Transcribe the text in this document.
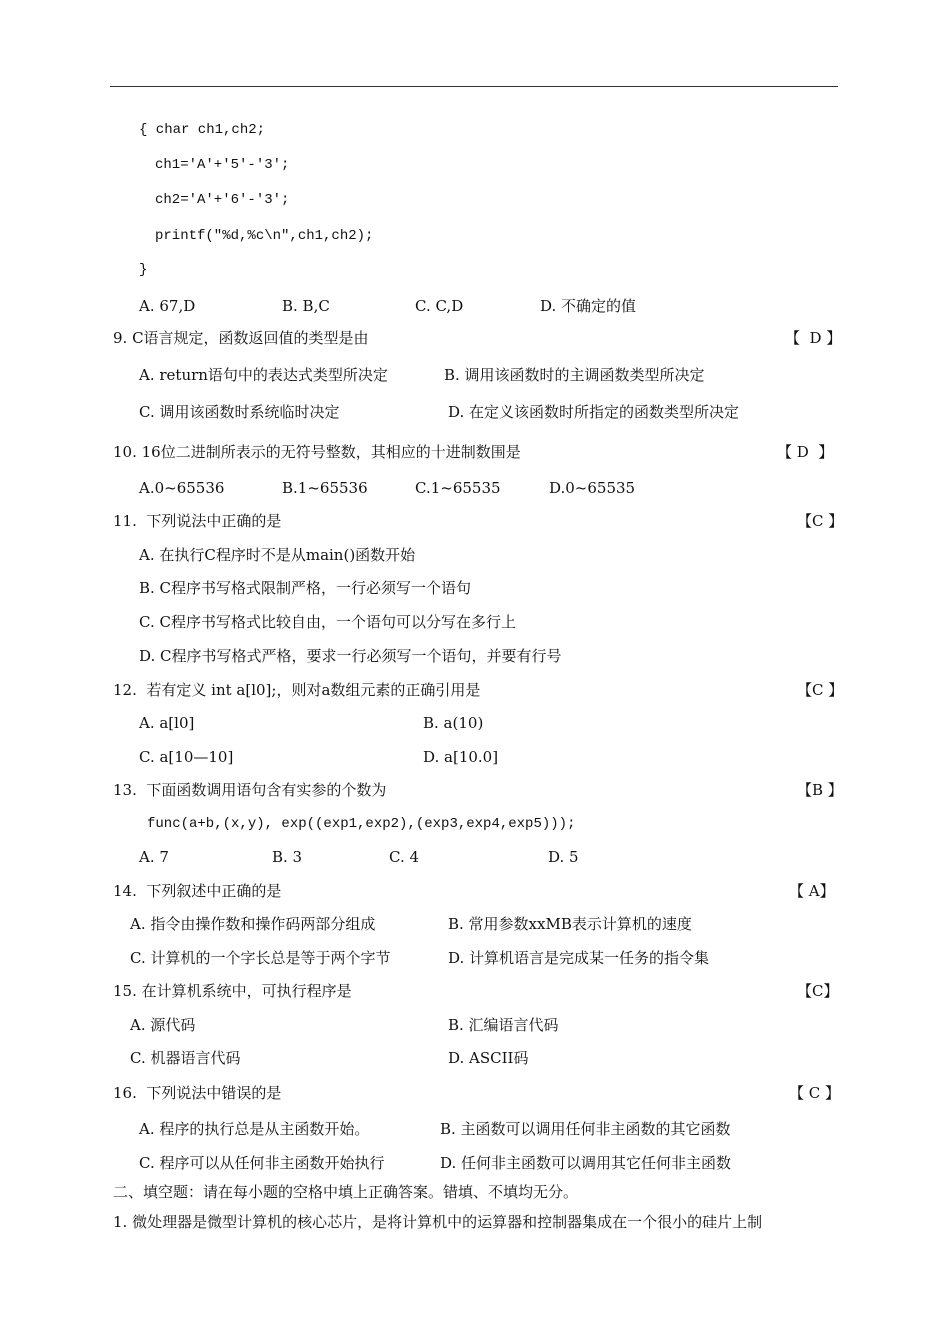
{ char ch1,ch2;
ch1='A'+'5'-'3';
ch2='A'+'6'-'3';
printf("%d,%c\n",ch1,ch2);
}
A. 67,D	B. B,C	C. C,D	D. 不确定的值
9. C语言规定，函数返回值的类型是由	【  D 】
A. return语句中的表达式类型所决定	B. 调用该函数时的主调函数类型所决定
C. 调用该函数时系统临时决定	D. 在定义该函数时所指定的函数类型所决定
10. 16位二进制所表示的无符号整数，其相应的十进制数围是	【 D  】
A.0~65536	B.1~65536	C.1~65535	D.0~65535
11.  下列说法中正确的是	【C 】
A. 在执行C程序时不是从main()函数开始
B. C程序书写格式限制严格，一行必须写一个语句
C. C程序书写格式比较自由，一个语句可以分写在多行上
D. C程序书写格式严格，要求一行必须写一个语句，并要有行号
12.  若有定义 int a[l0];，则对a数组元素的正确引用是	【C 】
A. a[l0]	B. a(10)
C. a[10—10]	D. a[10.0]
13.  下面函数调用语句含有实参的个数为	【B 】
func(a+b,(x,y), exp((exp1,exp2),(exp3,exp4,exp5)));
A. 7	B. 3	C. 4	D. 5
14.  下列叙述中正确的是	【 A】
A. 指令由操作数和操作码两部分组成	B. 常用参数xxMB表示计算机的速度
C. 计算机的一个字长总是等于两个字节	D. 计算机语言是完成某一任务的指令集
15. 在计算机系统中，可执行程序是	【C】
A. 源代码	B. 汇编语言代码
C. 机器语言代码	D. ASCII码
16.  下列说法中错误的是	【 C 】
A. 程序的执行总是从主函数开始。	B. 主函数可以调用任何非主函数的其它函数
C. 程序可以从任何非主函数开始执行	D. 任何非主函数可以调用其它任何非主函数
二、填空题：请在每小题的空格中填上正确答案。错填、不填均无分。
1. 微处理器是微型计算机的核心芯片，是将计算机中的运算器和控制器集成在一个很小的硅片上制
